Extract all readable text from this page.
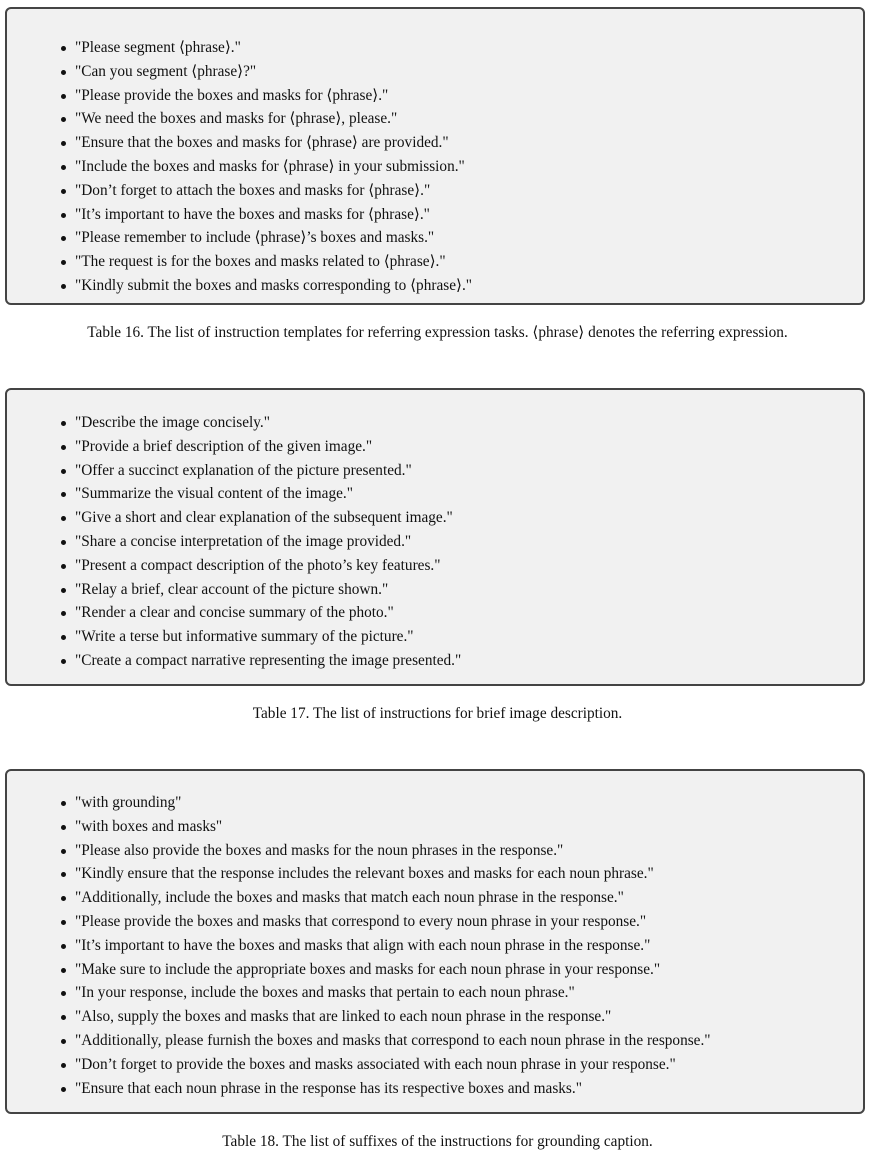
"Please segment ⟨phrase⟩."
"Can you segment ⟨phrase⟩?"
"Please provide the boxes and masks for ⟨phrase⟩."
"We need the boxes and masks for ⟨phrase⟩, please."
"Ensure that the boxes and masks for ⟨phrase⟩ are provided."
"Include the boxes and masks for ⟨phrase⟩ in your submission."
"Don’t forget to attach the boxes and masks for ⟨phrase⟩."
"It’s important to have the boxes and masks for ⟨phrase⟩."
"Please remember to include ⟨phrase⟩’s boxes and masks."
"The request is for the boxes and masks related to ⟨phrase⟩."
"Kindly submit the boxes and masks corresponding to ⟨phrase⟩."
Table 16. The list of instruction templates for referring expression tasks. ⟨phrase⟩ denotes the referring expression.
"Describe the image concisely."
"Provide a brief description of the given image."
"Offer a succinct explanation of the picture presented."
"Summarize the visual content of the image."
"Give a short and clear explanation of the subsequent image."
"Share a concise interpretation of the image provided."
"Present a compact description of the photo’s key features."
"Relay a brief, clear account of the picture shown."
"Render a clear and concise summary of the photo."
"Write a terse but informative summary of the picture."
"Create a compact narrative representing the image presented."
Table 17. The list of instructions for brief image description.
"with grounding"
"with boxes and masks"
"Please also provide the boxes and masks for the noun phrases in the response."
"Kindly ensure that the response includes the relevant boxes and masks for each noun phrase."
"Additionally, include the boxes and masks that match each noun phrase in the response."
"Please provide the boxes and masks that correspond to every noun phrase in your response."
"It’s important to have the boxes and masks that align with each noun phrase in the response."
"Make sure to include the appropriate boxes and masks for each noun phrase in your response."
"In your response, include the boxes and masks that pertain to each noun phrase."
"Also, supply the boxes and masks that are linked to each noun phrase in the response."
"Additionally, please furnish the boxes and masks that correspond to each noun phrase in the response."
"Don’t forget to provide the boxes and masks associated with each noun phrase in your response."
"Ensure that each noun phrase in the response has its respective boxes and masks."
Table 18. The list of suffixes of the instructions for grounding caption.
